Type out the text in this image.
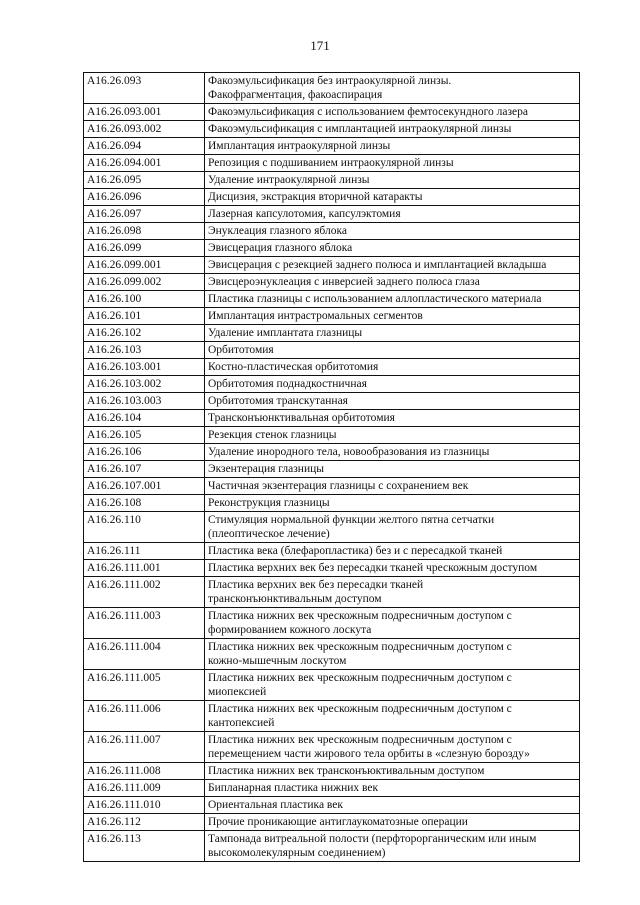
171
A16.26.093	Факоэмульсификация без интраокулярной линзы.
Факофрагментация, факоаспирация

A16.26.093.001	Факоэмульсификация с использованием фемтосекундного лазера

A16.26.093.002	Факоэмульсификация с имплантацией интраокулярной линзы

A16.26.094	Имплантация интраокулярной линзы

A16.26.094.001	Репозиция с подшиванием интраокулярной линзы

A16.26.095	Удаление интраокулярной линзы

A16.26.096	Дисцизия, экстракция вторичной катаракты

A16.26.097	Лазерная капсулотомия, капсулэктомия

A16.26.098	Энуклеация глазного яблока

A16.26.099	Эвисцерация глазного яблока

A16.26.099.001	Эвисцерация с резекцией заднего полюса и имплантацией вкладыша

A16.26.099.002	Эвисцероэнуклеация с инверсией заднего полюса глаза

A16.26.100	Пластика глазницы с использованием аллопластического материала

A16.26.101	Имплантация интрастромальных сегментов

A16.26.102	Удаление имплантата глазницы

A16.26.103	Орбитотомия

A16.26.103.001	Костно-пластическая орбитотомия

A16.26.103.002	Орбитотомия поднадкостничная

A16.26.103.003	Орбитотомия транскутанная

A16.26.104	Трансконъюнктивальная орбитотомия

A16.26.105	Резекция стенок глазницы

A16.26.106	Удаление инородного тела, новообразования из глазницы

A16.26.107	Экзентерация глазницы

A16.26.107.001	Частичная экзентерация глазницы с сохранением век

A16.26.108	Реконструкция глазницы

A16.26.110	Стимуляция нормальной функции желтого пятна сетчатки
(плеоптическое лечение)

A16.26.111	Пластика века (блефаропластика) без и с пересадкой тканей

A16.26.111.001	Пластика верхних век без пересадки тканей чрескожным доступом

A16.26.111.002	Пластика верхних век без пересадки тканей
трансконъюнктивальным доступом

A16.26.111.003	Пластика нижних век чрескожным подресничным доступом с
формированием кожного лоскута

A16.26.111.004	Пластика нижних век чрескожным подресничным доступом с
кожно-мышечным лоскутом

A16.26.111.005	Пластика нижних век чрескожным подресничным доступом с
миопексией

A16.26.111.006	Пластика нижних век чрескожным подресничным доступом с
кантопексией

A16.26.111.007	Пластика нижних век чрескожным подресничным доступом с
перемещением части жирового тела орбиты в «слезную борозду»

A16.26.111.008	Пластика нижних век трансконъюктивальным доступом

A16.26.111.009	Бипланарная пластика нижних век

A16.26.111.010	Ориентальная пластика век

A16.26.112	Прочие проникающие антиглаукоматозные операции

A16.26.113	Тампонада витреальной полости (перфторорганическим или иным
высокомолекулярным соединением)
